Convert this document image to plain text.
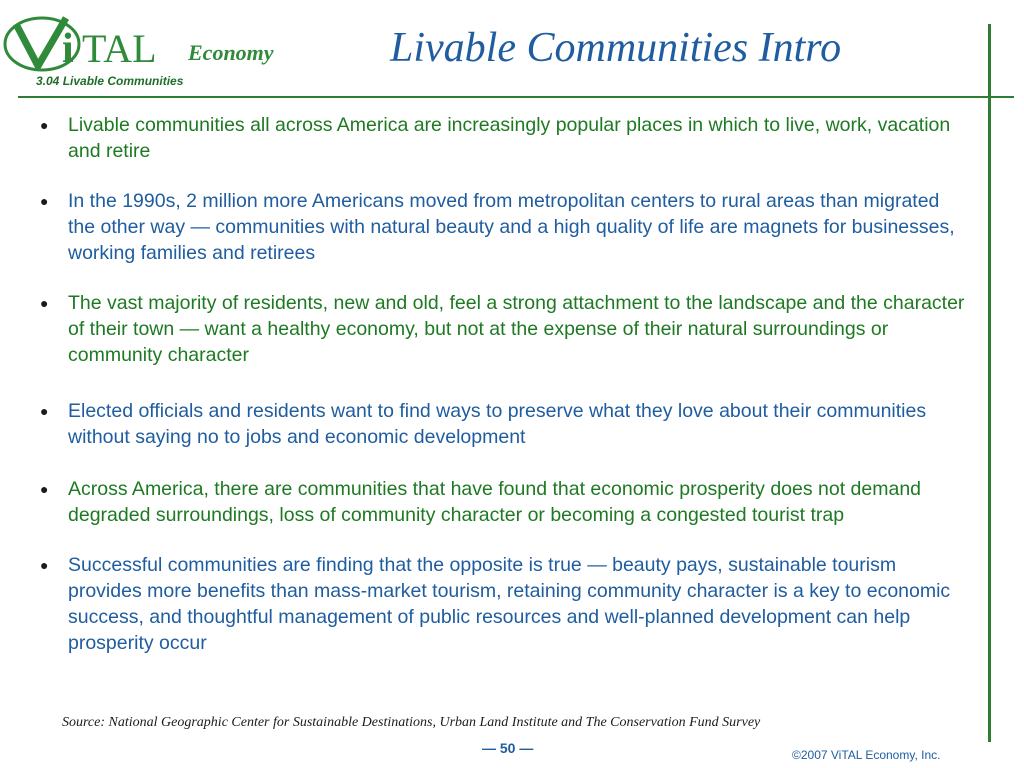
i TAL Economy
3.04 Livable Communities
Livable Communities Intro
● Livable communities all across America are increasingly popular places in which to live, work, vacation and retire
● In the 1990s, 2 million more Americans moved from metropolitan centers to rural areas than migrated the other way — communities with natural beauty and a high quality of life are magnets for businesses, working families and retirees
● The vast majority of residents, new and old, feel a strong attachment to the landscape and the character of their town — want a healthy economy, but not at the expense of their natural surroundings or community character
● Elected officials and residents want to find ways to preserve what they love about their communities without saying no to jobs and economic development
● Across America, there are communities that have found that economic prosperity does not demand degraded surroundings, loss of community character or becoming a congested tourist trap
● Successful communities are finding that the opposite is true — beauty pays, sustainable tourism provides more benefits than mass-market tourism, retaining community character is a key to economic success, and thoughtful management of public resources and well-planned development can help prosperity occur
Source: National Geographic Center for Sustainable Destinations, Urban Land Institute and The Conservation Fund Survey
— 50 —	©2007 ViTAL Economy, Inc.
